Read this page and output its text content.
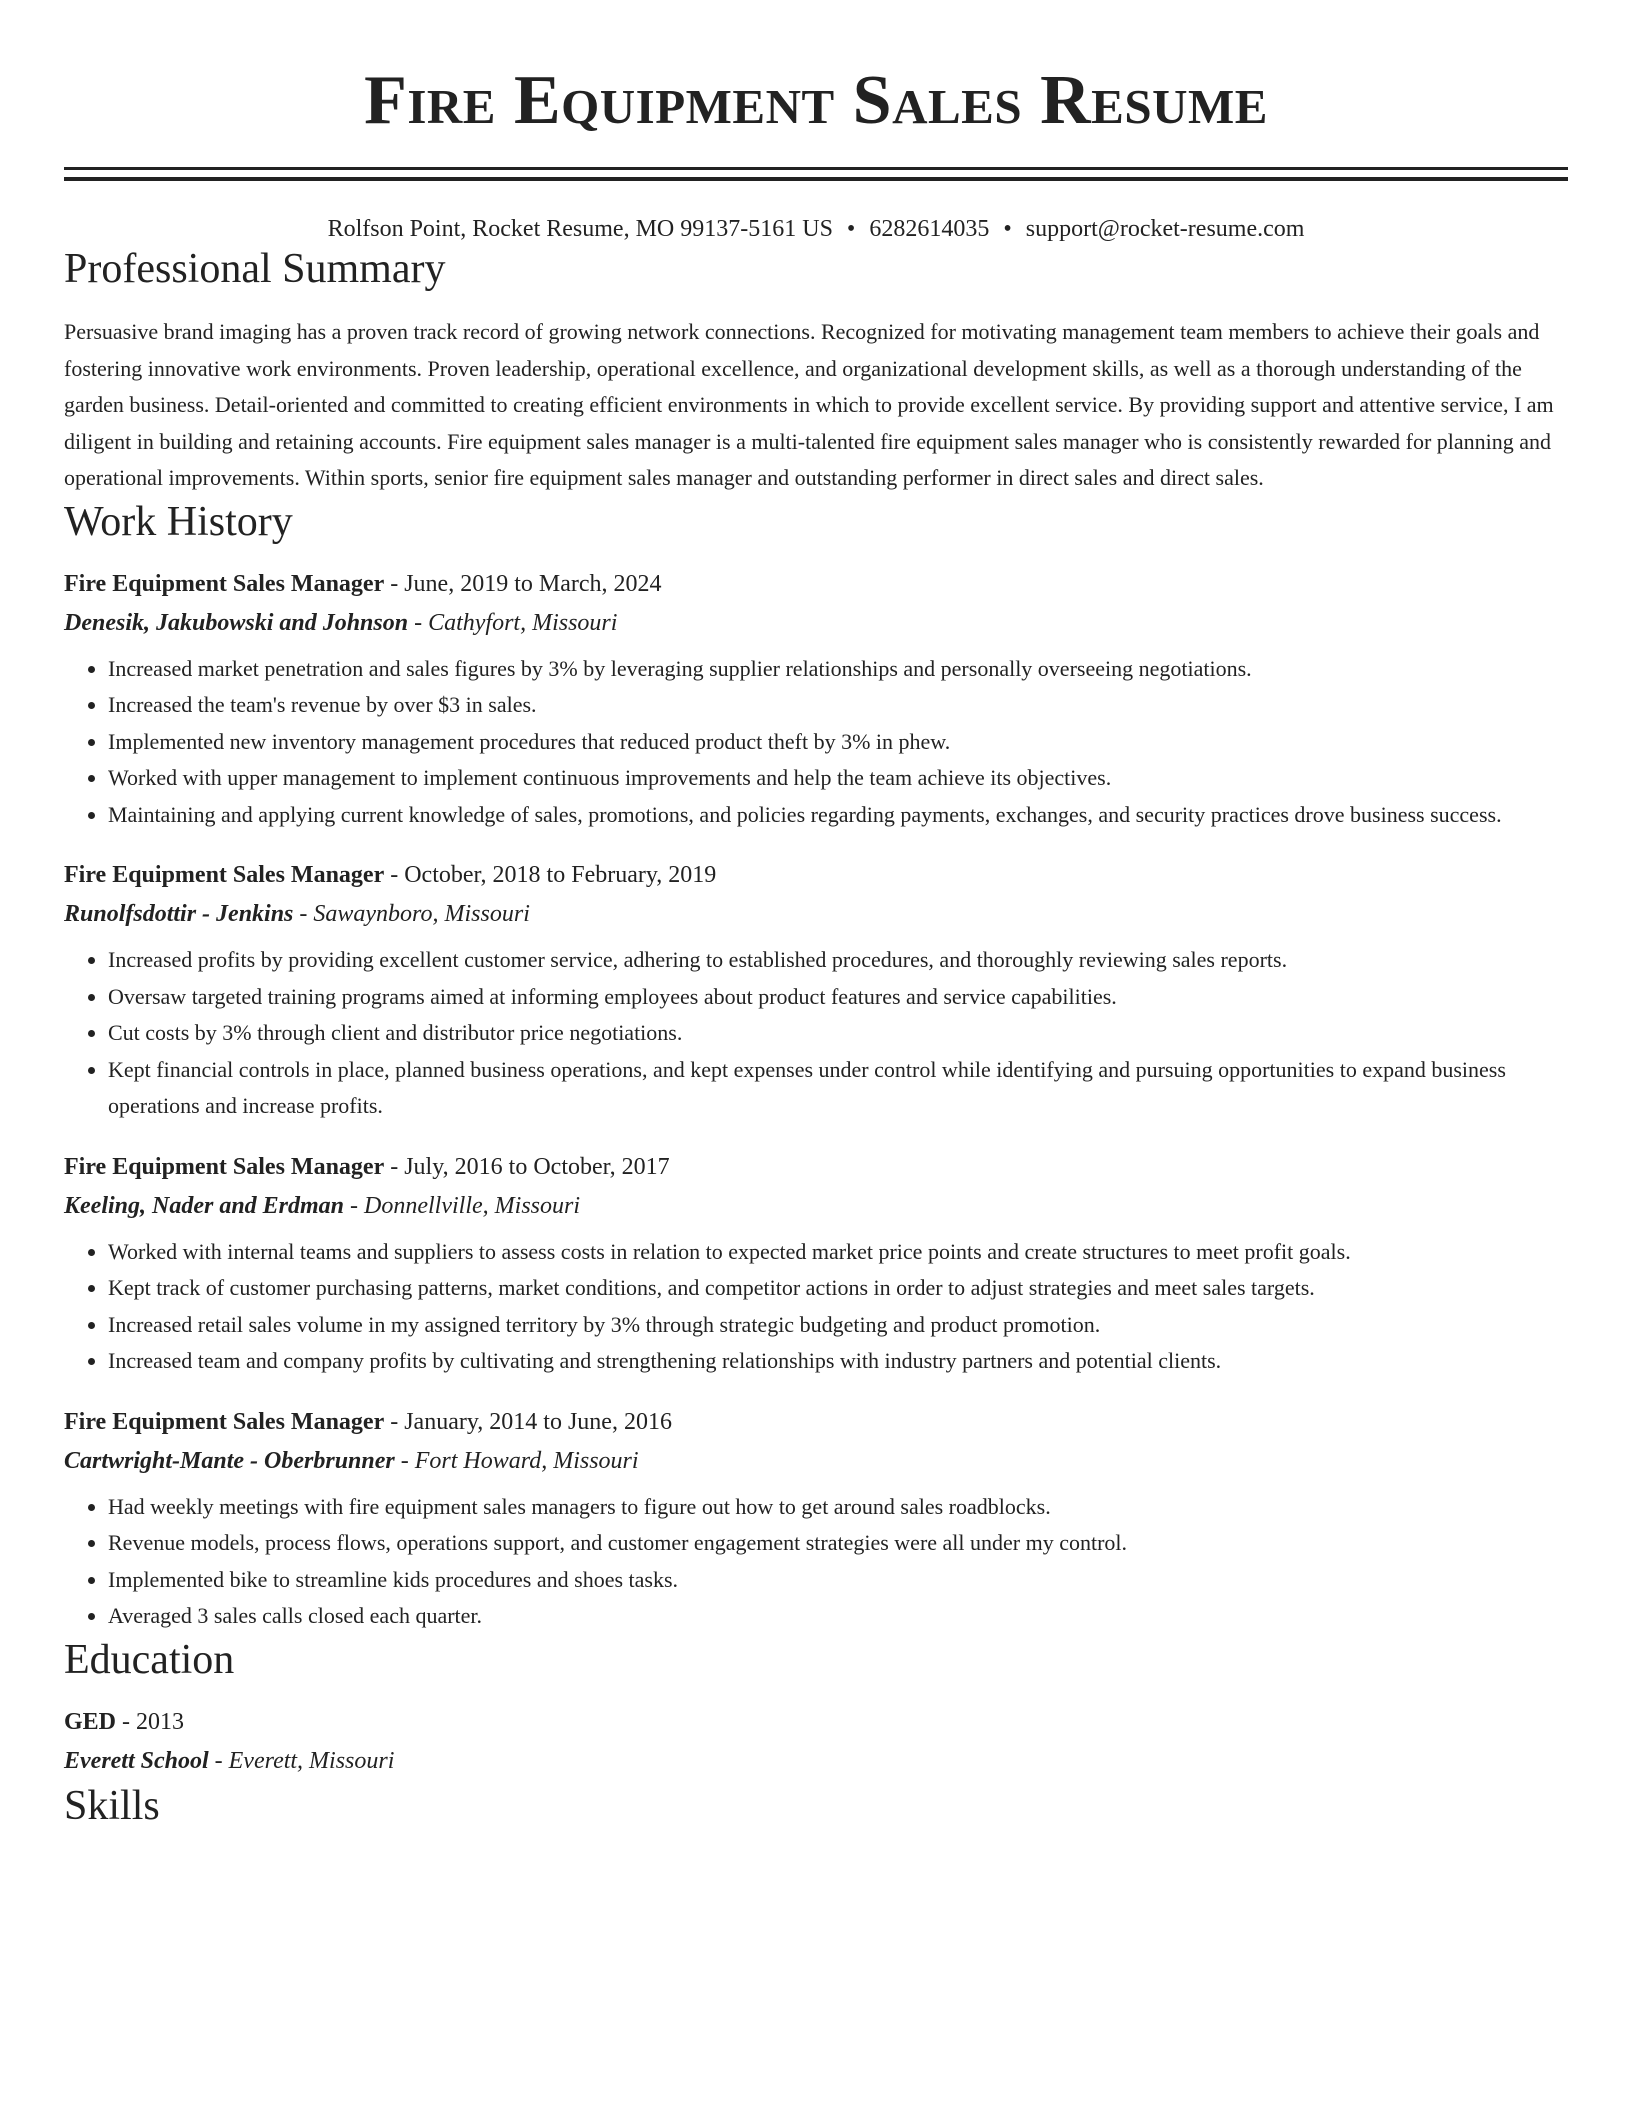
Fire Equipment Sales Resume
Rolfson Point, Rocket Resume, MO 99137-5161 US • 6282614035 • support@rocket-resume.com
Professional Summary

Persuasive brand imaging has a proven track record of growing network connections. Recognized for motivating management team members to achieve their goals and fostering innovative work environments. Proven leadership, operational excellence, and organizational development skills, as well as a thorough understanding of the garden business. Detail-oriented and committed to creating efficient environments in which to provide excellent service. By providing support and attentive service, I am diligent in building and retaining accounts. Fire equipment sales manager is a multi-talented fire equipment sales manager who is consistently rewarded for planning and operational improvements. Within sports, senior fire equipment sales manager and outstanding performer in direct sales and direct sales.

Work History

Fire Equipment Sales Manager - June, 2019 to March, 2024

Denesik, Jakubowski and Johnson - Cathyfort, Missouri

• Increased market penetration and sales figures by 3% by leveraging supplier relationships and personally overseeing negotiations.
• Increased the team's revenue by over $3 in sales.
• Implemented new inventory management procedures that reduced product theft by 3% in phew.
• Worked with upper management to implement continuous improvements and help the team achieve its objectives.
• Maintaining and applying current knowledge of sales, promotions, and policies regarding payments, exchanges, and security practices drove business success.

Fire Equipment Sales Manager - October, 2018 to February, 2019

Runolfsdottir - Jenkins - Sawaynboro, Missouri

• Increased profits by providing excellent customer service, adhering to established procedures, and thoroughly reviewing sales reports.
• Oversaw targeted training programs aimed at informing employees about product features and service capabilities.
• Cut costs by 3% through client and distributor price negotiations.
• Kept financial controls in place, planned business operations, and kept expenses under control while identifying and pursuing opportunities to expand business operations and increase profits.

Fire Equipment Sales Manager - July, 2016 to October, 2017

Keeling, Nader and Erdman - Donnellville, Missouri

• Worked with internal teams and suppliers to assess costs in relation to expected market price points and create structures to meet profit goals.
• Kept track of customer purchasing patterns, market conditions, and competitor actions in order to adjust strategies and meet sales targets.
• Increased retail sales volume in my assigned territory by 3% through strategic budgeting and product promotion.
• Increased team and company profits by cultivating and strengthening relationships with industry partners and potential clients.

Fire Equipment Sales Manager - January, 2014 to June, 2016

Cartwright-Mante - Oberbrunner - Fort Howard, Missouri

• Had weekly meetings with fire equipment sales managers to figure out how to get around sales roadblocks.
• Revenue models, process flows, operations support, and customer engagement strategies were all under my control.
• Implemented bike to streamline kids procedures and shoes tasks.
• Averaged 3 sales calls closed each quarter.
Education

GED - 2013

Everett School - Everett, Missouri

Skills
